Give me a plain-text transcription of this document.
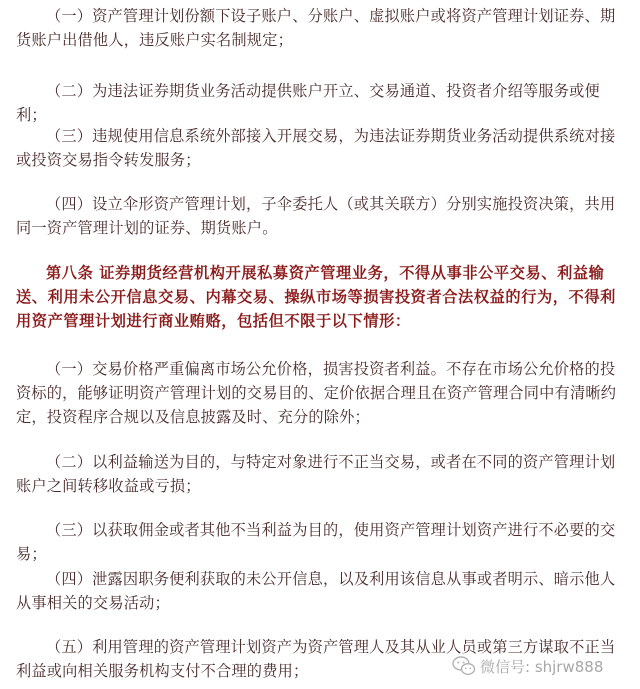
（一）资产管理计划份额下设子账户、分账户、虚拟账户或将资产管理计划证券、期货账户出借他人，违反账户实名制规定；

（二）为违法证券期货业务活动提供账户开立、交易通道、投资者介绍等服务或便利；

（三）违规使用信息系统外部接入开展交易，为违法证券期货业务活动提供系统对接或投资交易指令转发服务；

（四）设立伞形资产管理计划，子伞委托人（或其关联方）分别实施投资决策，共用同一资产管理计划的证券、期货账户。

第八条 证券期货经营机构开展私募资产管理业务，不得从事非公平交易、利益输送、利用未公开信息交易、内幕交易、操纵市场等损害投资者合法权益的行为，不得利用资产管理计划进行商业贿赂，包括但不限于以下情形：

（一）交易价格严重偏离市场公允价格，损害投资者利益。不存在市场公允价格的投资标的，能够证明资产管理计划的交易目的、定价依据合理且在资产管理合同中有清晰约定，投资程序合规以及信息披露及时、充分的除外；

（二）以利益输送为目的，与特定对象进行不正当交易，或者在不同的资产管理计划账户之间转移收益或亏损；

（三）以获取佣金或者其他不当利益为目的，使用资产管理计划资产进行不必要的交易；

（四）泄露因职务便利获取的未公开信息，以及利用该信息从事或者明示、暗示他人从事相关的交易活动；

（五）利用管理的资产管理计划资产为资产管理人及其从业人员或第三方谋取不正当利益或向相关服务机构支付不合理的费用；	微信号: shjrw888
